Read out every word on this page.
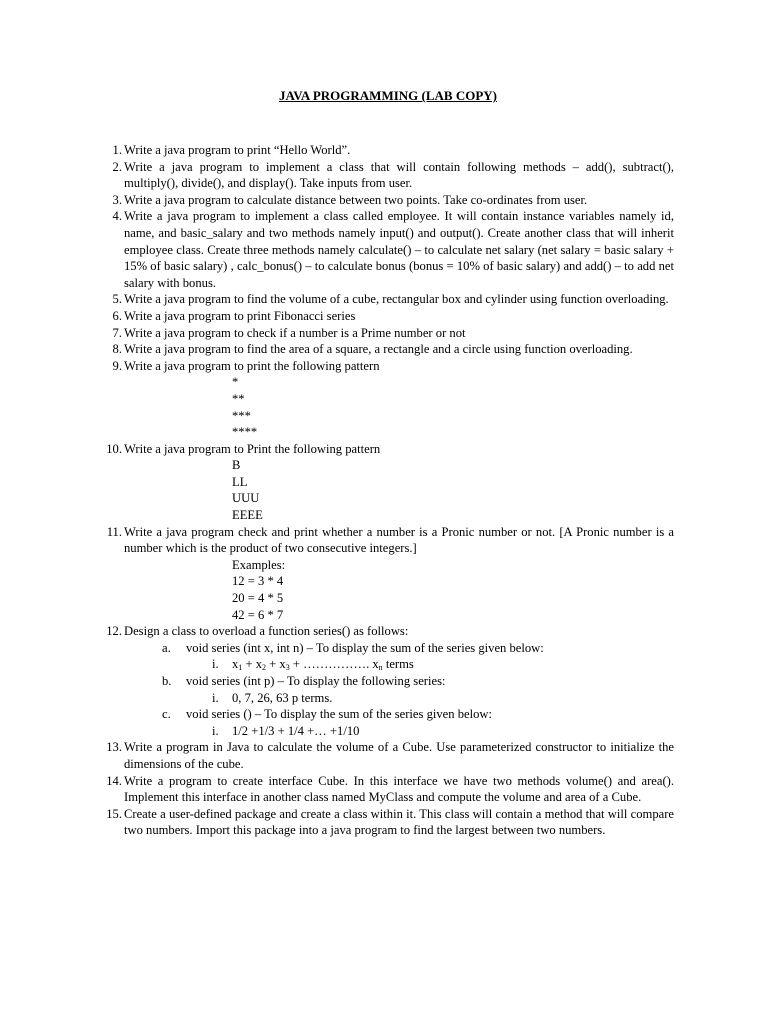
JAVA PROGRAMMING (LAB COPY)
1. Write a java program to print “Hello World”.
2. Write a java program to implement a class that will contain following methods – add(), subtract(), multiply(), divide(), and display(). Take inputs from user.
3. Write a java program to calculate distance between two points. Take co-ordinates from user.
4. Write a java program to implement a class called employee. It will contain instance variables namely id, name, and basic_salary and two methods namely input() and output(). Create another class that will inherit employee class. Create three methods namely calculate() – to calculate net salary (net salary = basic salary + 15% of basic salary) , calc_bonus() – to calculate bonus (bonus = 10% of basic salary) and add() – to add net salary with bonus.
5. Write a java program to find the volume of a cube, rectangular box and cylinder using function overloading.
6. Write a java program to print Fibonacci series
7. Write a java program to check if a number is a Prime number or not
8. Write a java program to find the area of a square, a rectangle and a circle using function overloading.
9. Write a java program to print the following pattern
*
**
***
****
10. Write a java program to Print the following pattern
B
LL
UUU
EEEE
11. Write a java program check and print whether a number is a Pronic number or not. [A Pronic number is a number which is the product of two consecutive integers.]
Examples:
12 = 3 * 4
20 = 4 * 5
42 = 6 * 7
12. Design a class to overload a function series() as follows:
a.	void series (int x, int n) – To display the sum of the series given below:
i.	$x_1 + x_2 + x_3$ + ……………. $x_n$ terms
b.	void series (int p) – To display the following series:
i.	0, 7, 26, 63 p terms.
c.	void series () – To display the sum of the series given below:
i.	1/2 +1/3 + 1/4 +… +1/10
13. Write a program in Java to calculate the volume of a Cube. Use parameterized constructor to initialize the dimensions of the cube.
14. Write a program to create interface Cube. In this interface we have two methods volume() and area(). Implement this interface in another class named MyClass and compute the volume and area of a Cube.
15. Create a user-defined package and create a class within it. This class will contain a method that will compare two numbers. Import this package into a java program to find the largest between two numbers.
